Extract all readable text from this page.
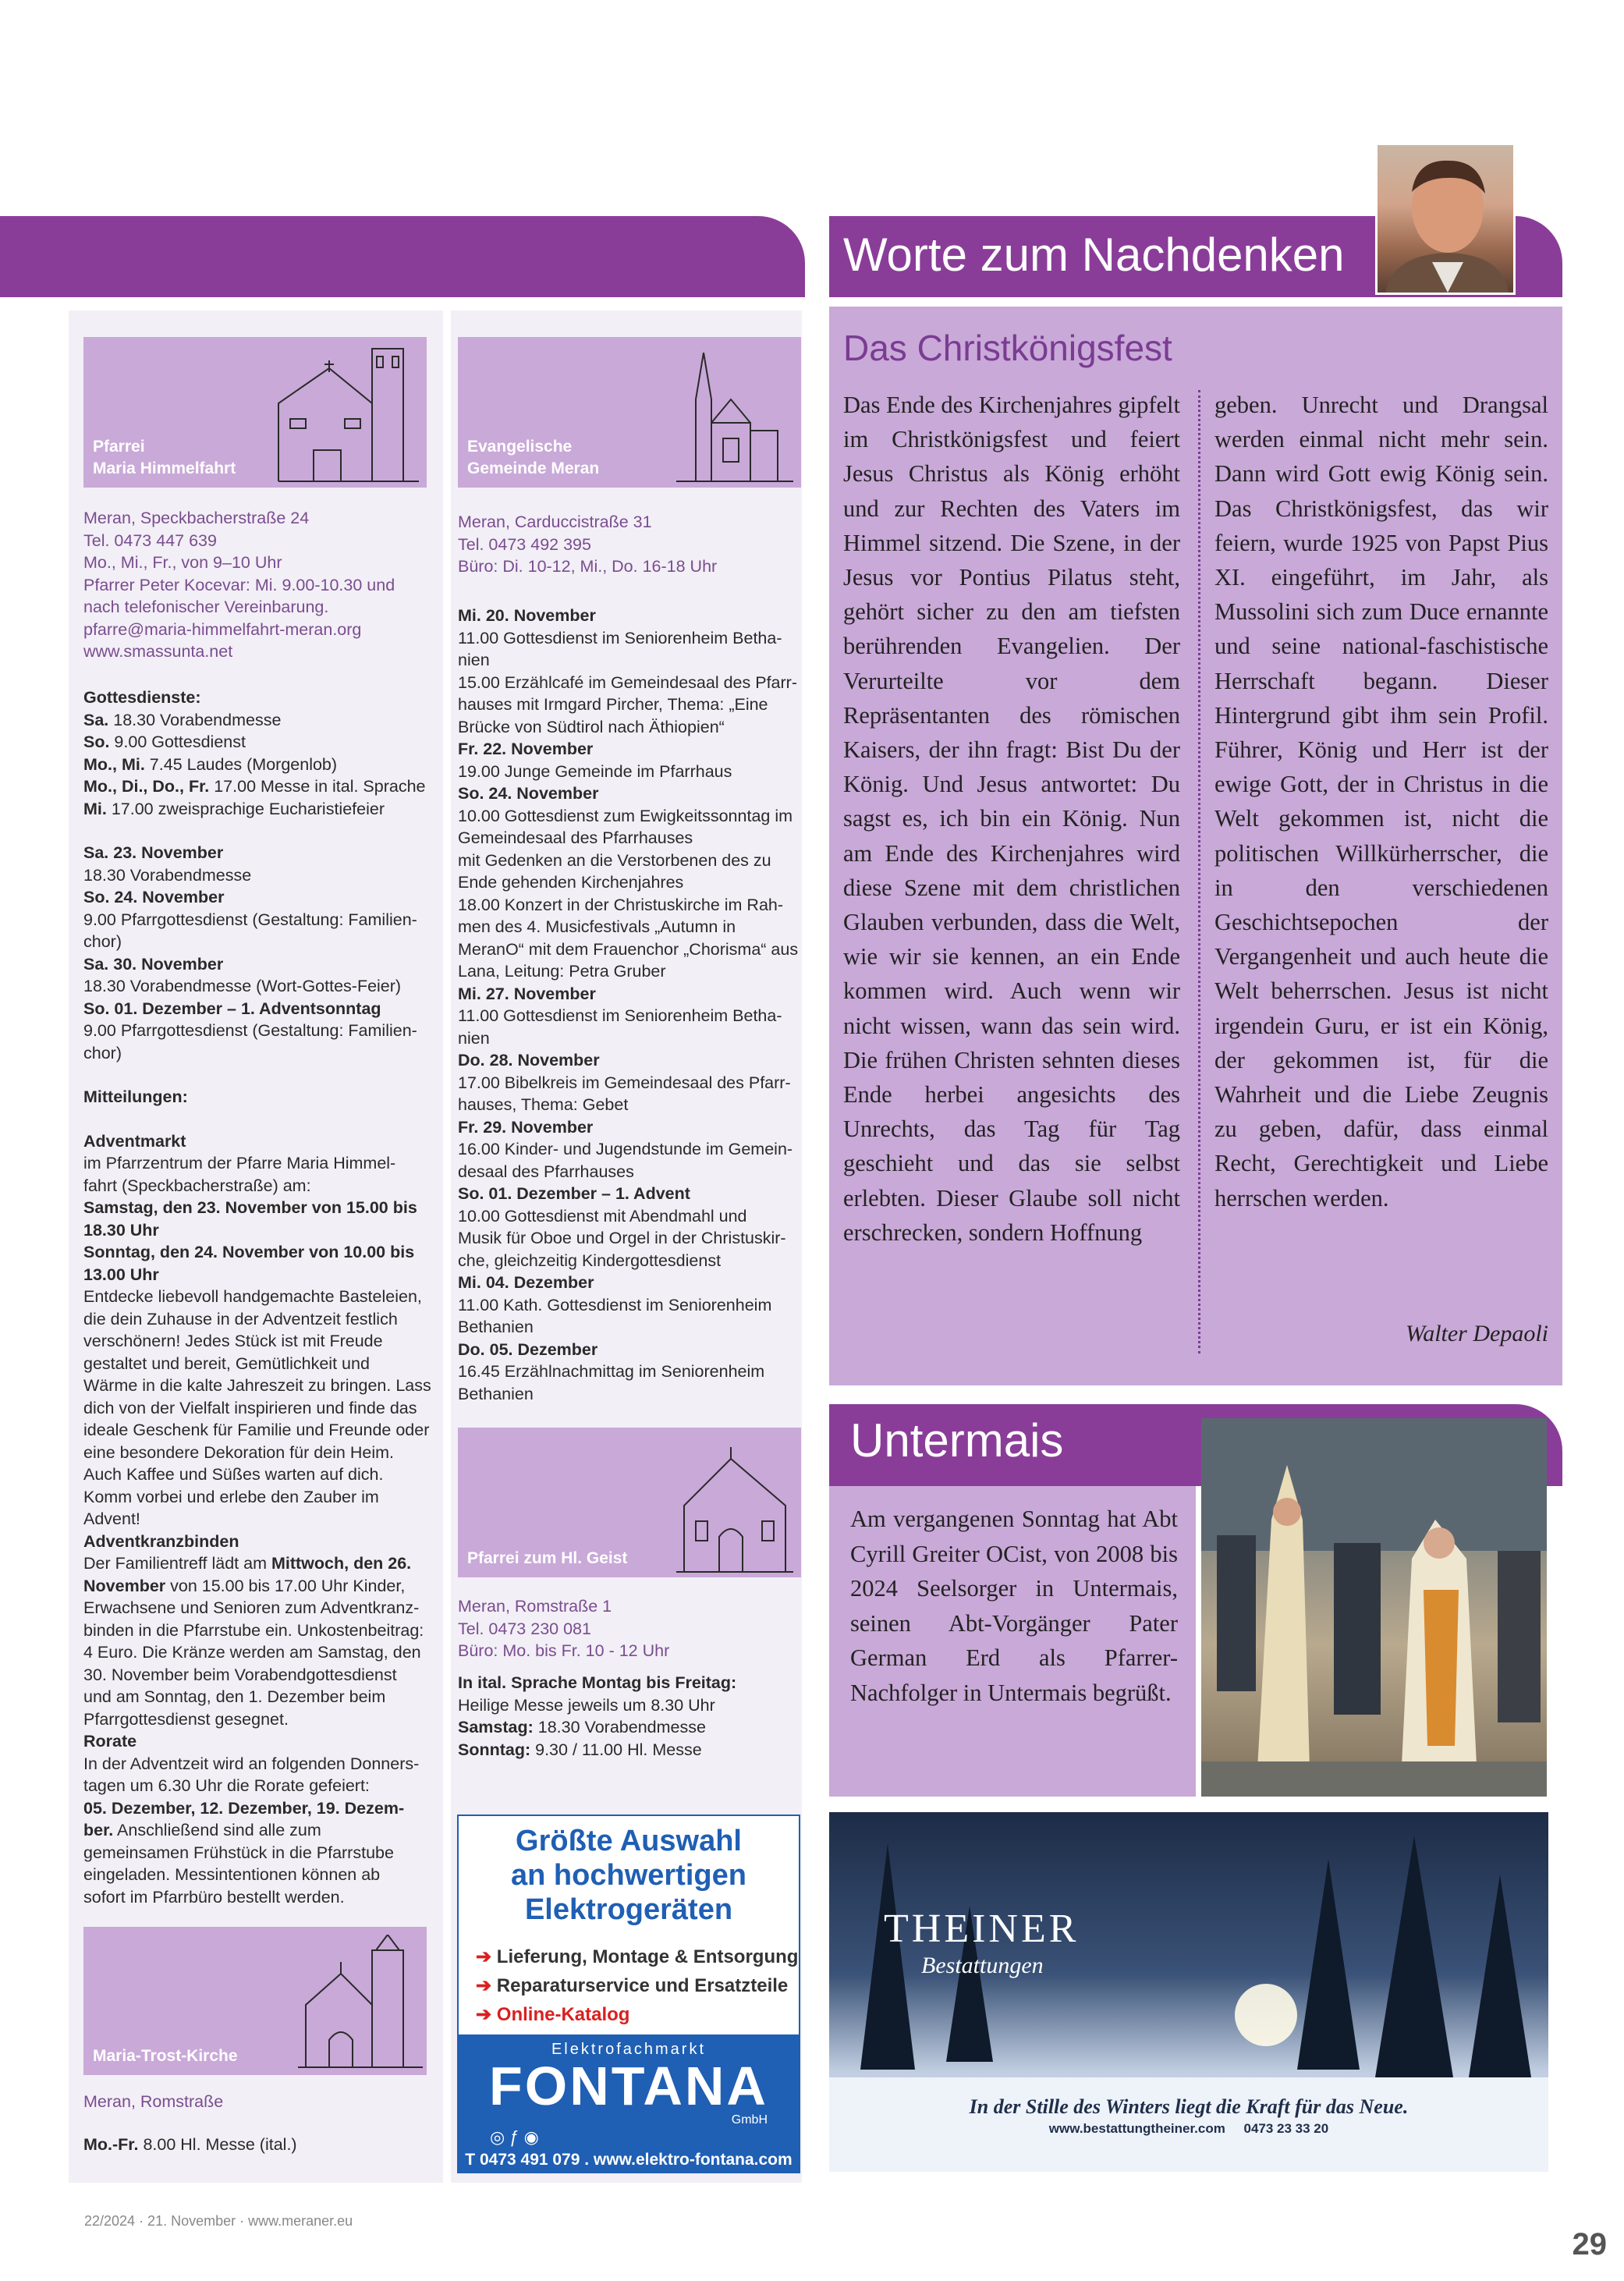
Worte zum Nachdenken
Pfarrei
Maria Himmelfahrt
Meran, Speckbacherstraße 24
Tel. 0473 447 639
Mo., Mi., Fr., von 9–10 Uhr
Pfarrer Peter Kocevar: Mi. 9.00-10.30 und
nach telefonischer Vereinbarung.
pfarre@maria-himmelfahrt-meran.org
www.smassunta.net
Gottesdienste:
Sa. 18.30 Vorabendmesse
So. 9.00 Gottesdienst
Mo., Mi. 7.45 Laudes (Morgenlob)
Mo., Di., Do., Fr. 17.00 Messe in ital. Sprache
Mi. 17.00 zweisprachige Eucharistiefeier
Sa. 23. November
18.30 Vorabendmesse
So. 24. November
9.00 Pfarrgottesdienst (Gestaltung: Familien-
chor)
Sa. 30. November
18.30 Vorabendmesse (Wort-Gottes-Feier)
So. 01. Dezember – 1. Adventsonntag
9.00 Pfarrgottesdienst (Gestaltung: Familien-
chor)
Mitteilungen:
Adventmarkt
im Pfarrzentrum der Pfarre Maria Himmel-
fahrt (Speckbacherstraße) am:
Samstag, den 23. November von 15.00 bis
18.30 Uhr
Sonntag, den 24. November von 10.00 bis
13.00 Uhr
Entdecke liebevoll handgemachte Basteleien,
die dein Zuhause in der Adventzeit festlich
verschönern! Jedes Stück ist mit Freude
gestaltet und bereit, Gemütlichkeit und
Wärme in die kalte Jahreszeit zu bringen. Lass
dich von der Vielfalt inspirieren und finde das
ideale Geschenk für Familie und Freunde oder
eine besondere Dekoration für dein Heim.
Auch Kaffee und Süßes warten auf dich.
Komm vorbei und erlebe den Zauber im
Advent!
Adventkranzbinden
Der Familientreff lädt am Mittwoch, den 26.
November von 15.00 bis 17.00 Uhr Kinder,
Erwachsene und Senioren zum Adventkranz-
binden in die Pfarrstube ein. Unkostenbeitrag:
4 Euro. Die Kränze werden am Samstag, den
30. November beim Vorabendgottesdienst
und am Sonntag, den 1. Dezember beim
Pfarrgottesdienst gesegnet.
Rorate
In der Adventzeit wird an folgenden Donners-
tagen um 6.30 Uhr die Rorate gefeiert:
05. Dezember, 12. Dezember, 19. Dezem-
ber. Anschließend sind alle zum
gemeinsamen Frühstück in die Pfarrstube
eingeladen. Messintentionen können ab
sofort im Pfarrbüro bestellt werden.
Maria-Trost-Kirche
Meran, Romstraße
Mo.-Fr. 8.00 Hl. Messe (ital.)
Evangelische
Gemeinde Meran
Meran, Carduccistraße 31
Tel. 0473 492 395
Büro: Di. 10-12, Mi., Do. 16-18 Uhr
Mi. 20. November
11.00 Gottesdienst im Seniorenheim Betha-
nien
15.00 Erzählcafé im Gemeindesaal des Pfarr-
hauses mit Irmgard Pircher, Thema: „Eine
Brücke von Südtirol nach Äthiopien“
Fr. 22. November
19.00 Junge Gemeinde im Pfarrhaus
So. 24. November
10.00 Gottesdienst zum Ewigkeitssonntag im
Gemeindesaal des Pfarrhauses
mit Gedenken an die Verstorbenen des zu
Ende gehenden Kirchenjahres
18.00 Konzert in der Christuskirche im Rah-
men des 4. Musicfestivals „Autumn in
MeranO“ mit dem Frauenchor „Chorisma“ aus
Lana, Leitung: Petra Gruber
Mi. 27. November
11.00 Gottesdienst im Seniorenheim Betha-
nien
Do. 28. November
17.00 Bibelkreis im Gemeindesaal des Pfarr-
hauses, Thema: Gebet
Fr. 29. November
16.00 Kinder- und Jugendstunde im Gemein-
desaal des Pfarrhauses
So. 01. Dezember – 1. Advent
10.00 Gottesdienst mit Abendmahl und
Musik für Oboe und Orgel in der Christuskir-
che, gleichzeitig Kindergottesdienst
Mi. 04. Dezember
11.00 Kath. Gottesdienst im Seniorenheim
Bethanien
Do. 05. Dezember
16.45 Erzählnachmittag im Seniorenheim
Bethanien
Pfarrei zum Hl. Geist
Meran, Romstraße 1
Tel. 0473 230 081
Büro: Mo. bis Fr. 10 - 12 Uhr
In ital. Sprache Montag bis Freitag:
Heilige Messe jeweils um 8.30 Uhr
Samstag: 18.30 Vorabendmesse
Sonntag: 9.30 / 11.00 Hl. Messe
Größte Auswahl
an hochwertigen
Elektrogeräten
➔ Lieferung, Montage & Entsorgung
➔ Reparaturservice und Ersatzteile
➔ Online-Katalog
Elektrofachmarkt
FONTANA
GmbH
◎ ƒ ◉
T 0473 491 079 . www.elektro-fontana.com
Das Christkönigsfest
Das Ende des Kirchenjahres gipfelt im Christkönigsfest und feiert Jesus Christus als König erhöht und zur Rechten des Vaters im Himmel sitzend. Die Szene, in der Jesus vor Pontius Pilatus steht, gehört sicher zu den am tiefsten berührenden Evangelien. Der Verurteilte vor dem Repräsentanten des römischen Kaisers, der ihn fragt: Bist Du der König. Und Jesus antwortet: Du sagst es, ich bin ein König. Nun am Ende des Kirchenjahres wird diese Szene mit dem christlichen Glauben verbunden, dass die Welt, wie wir sie kennen, an ein Ende kommen wird. Auch wenn wir nicht wissen, wann das sein wird. Die frühen Christen sehnten dieses Ende herbei angesichts des Unrechts, das Tag für Tag geschieht und das sie selbst erlebten. Dieser Glaube soll nicht erschrecken, sondern Hoffnung
geben. Unrecht und Drangsal werden einmal nicht mehr sein. Dann wird Gott ewig König sein. Das Christkönigsfest, das wir feiern, wurde 1925 von Papst Pius XI. eingeführt, im Jahr, als Mussolini sich zum Duce ernannte und seine national-faschistische Herrschaft begann. Dieser Hintergrund gibt ihm sein Profil. Führer, König und Herr ist der ewige Gott, der in Christus in die Welt gekommen ist, nicht die politischen Willkürherrscher, die in den verschiedenen Geschichtsepochen der Vergangenheit und auch heute die Welt beherrschen. Jesus ist nicht irgendein Guru, er ist ein König, der gekommen ist, für die Wahrheit und die Liebe Zeugnis zu geben, dafür, dass einmal Recht, Gerechtigkeit und Liebe herrschen werden.
Walter Depaoli
Untermais
Am vergangenen Sonntag hat Abt Cyrill Greiter OCist, von 2008 bis 2024 Seelsorger in Untermais, seinen Abt-Vorgänger Pater German Erd als Pfarrer-Nachfolger in Untermais begrüßt.
THEINER
Bestattungen
In der Stille des Winters liegt die Kraft für das Neue.
www.bestattungtheiner.com 0473 23 33 20
22/2024 · 21. November · www.meraner.eu
29
